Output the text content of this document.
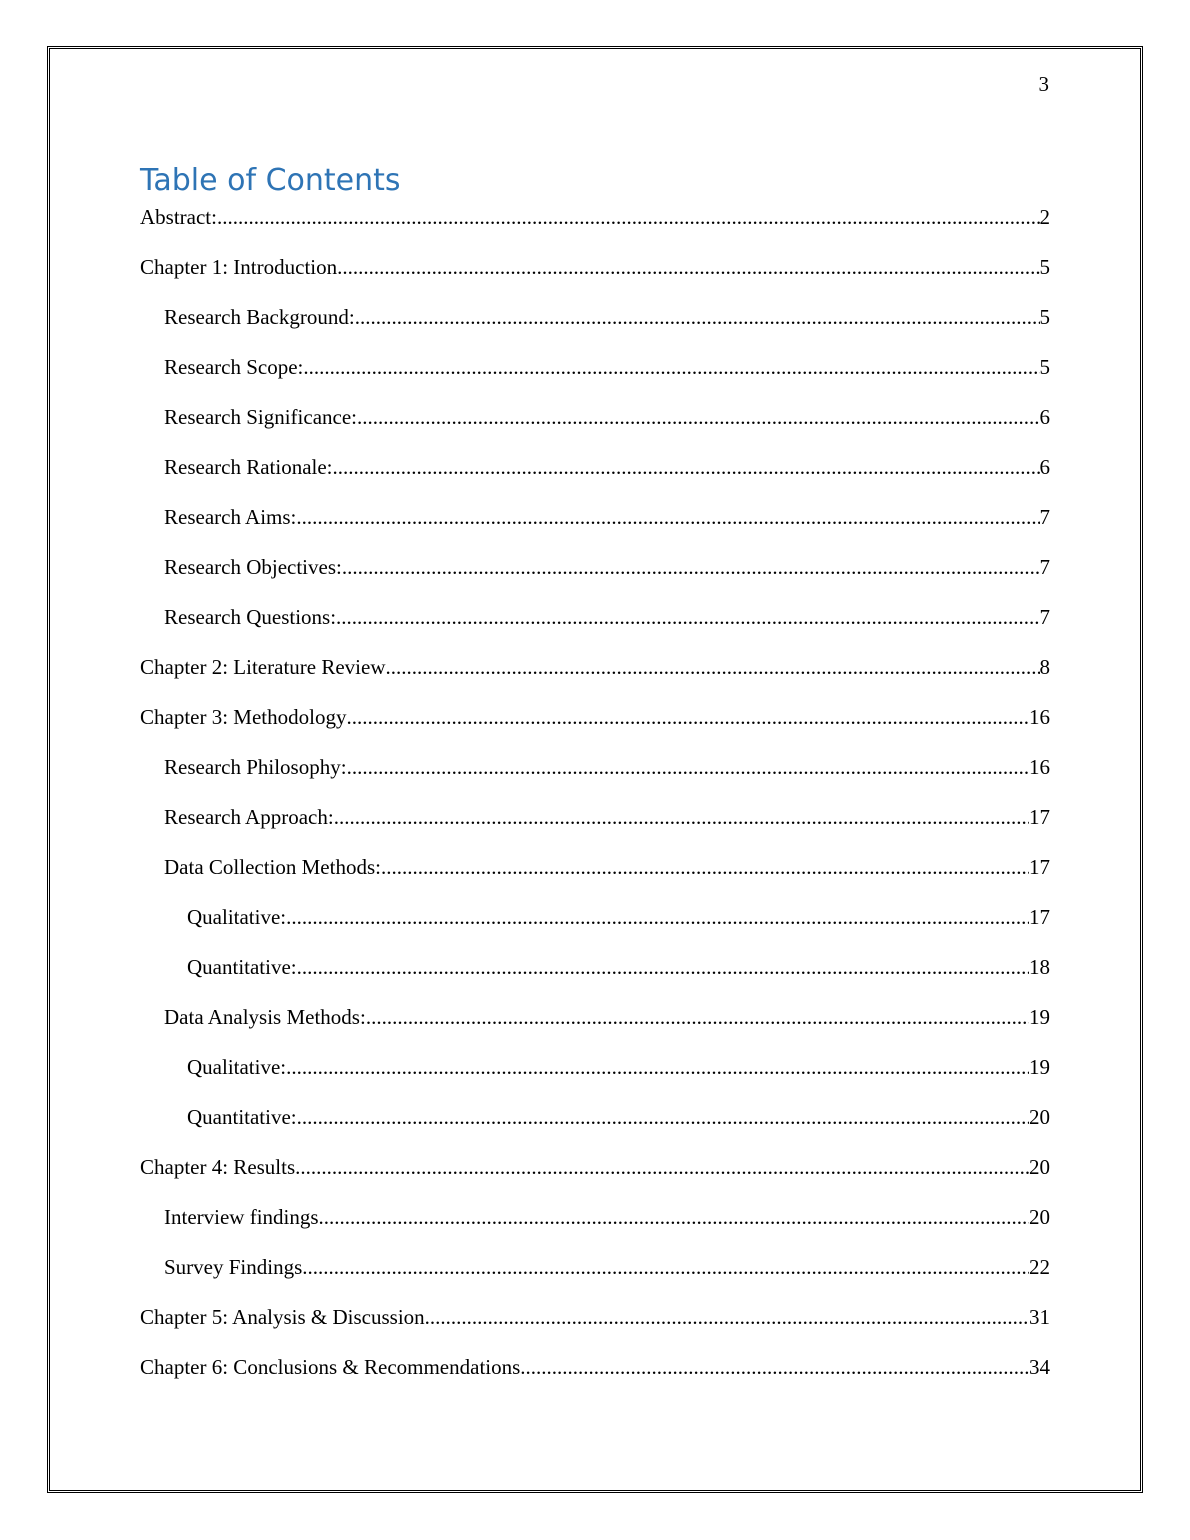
3
Table of Contents
Abstract: .....	2
Chapter 1: Introduction .....	5
Research Background: .....	5
Research Scope: .....	5
Research Significance: .....	6
Research Rationale: .....	6
Research Aims: .....	7
Research Objectives: .....	7
Research Questions: .....	7
Chapter 2: Literature Review .....	8
Chapter 3: Methodology .....	16
Research Philosophy: .....	16
Research Approach: .....	17
Data Collection Methods: .....	17
Qualitative: .....	17
Quantitative: .....	18
Data Analysis Methods: .....	19
Qualitative: .....	19
Quantitative: .....	20
Chapter 4: Results .....	20
Interview findings .....	20
Survey Findings .....	22
Chapter 5: Analysis & Discussion .....	31
Chapter 6: Conclusions & Recommendations .....	34
